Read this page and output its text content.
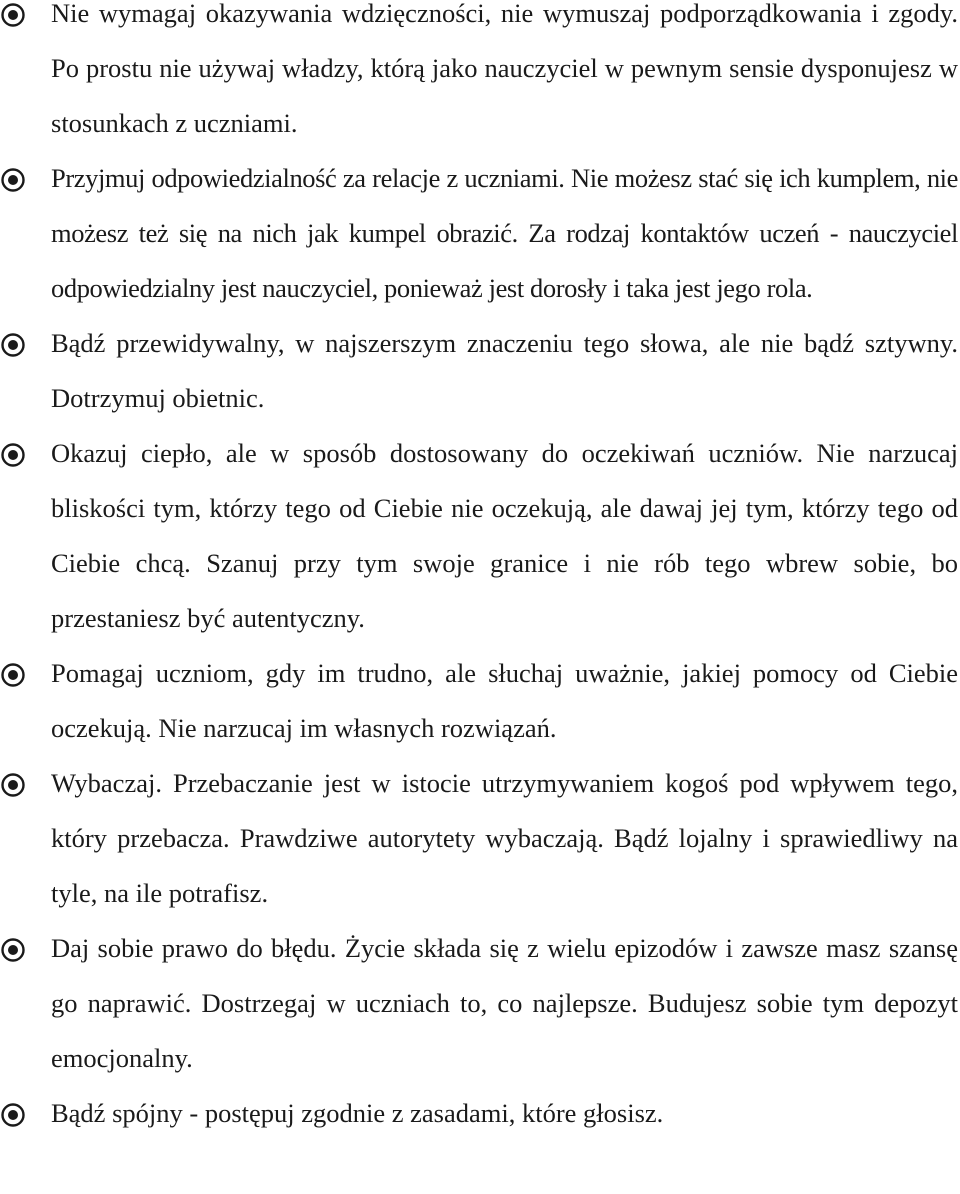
Nie wymagaj okazywania wdzięczności, nie wymuszaj podporządkowania i zgody. Po prostu nie używaj władzy, którą jako nauczyciel w pewnym sensie dysponujesz w stosunkach z uczniami.
Przyjmuj odpowiedzialność za relacje z uczniami. Nie możesz stać się ich kumplem, nie możesz też się na nich jak kumpel obrazić. Za rodzaj kontaktów uczeń - nauczyciel odpowiedzialny jest nauczyciel, ponieważ jest dorosły i taka jest jego rola.
Bądź przewidywalny, w najszerszym znaczeniu tego słowa, ale nie bądź sztywny. Dotrzymuj obietnic.
Okazuj ciepło, ale w sposób dostosowany do oczekiwań uczniów. Nie narzucaj bliskości tym, którzy tego od Ciebie nie oczekują, ale dawaj jej tym, którzy tego od Ciebie chcą. Szanuj przy tym swoje granice i nie rób tego wbrew sobie, bo przestaniesz być autentyczny.
Pomagaj uczniom, gdy im trudno, ale słuchaj uważnie, jakiej pomocy od Ciebie oczekują. Nie narzucaj im własnych rozwiązań.
Wybaczaj. Przebaczanie jest w istocie utrzymywaniem kogoś pod wpływem tego, który przebacza. Prawdziwe autorytety wybaczają. Bądź lojalny i sprawiedliwy na tyle, na ile potrafisz.
Daj sobie prawo do błędu. Życie składa się z wielu epizodów i zawsze masz szansę go naprawić. Dostrzegaj w uczniach to, co najlepsze. Budujesz sobie tym depozyt emocjonalny.
Bądź spójny - postępuj zgodnie z zasadami, które głosisz.
